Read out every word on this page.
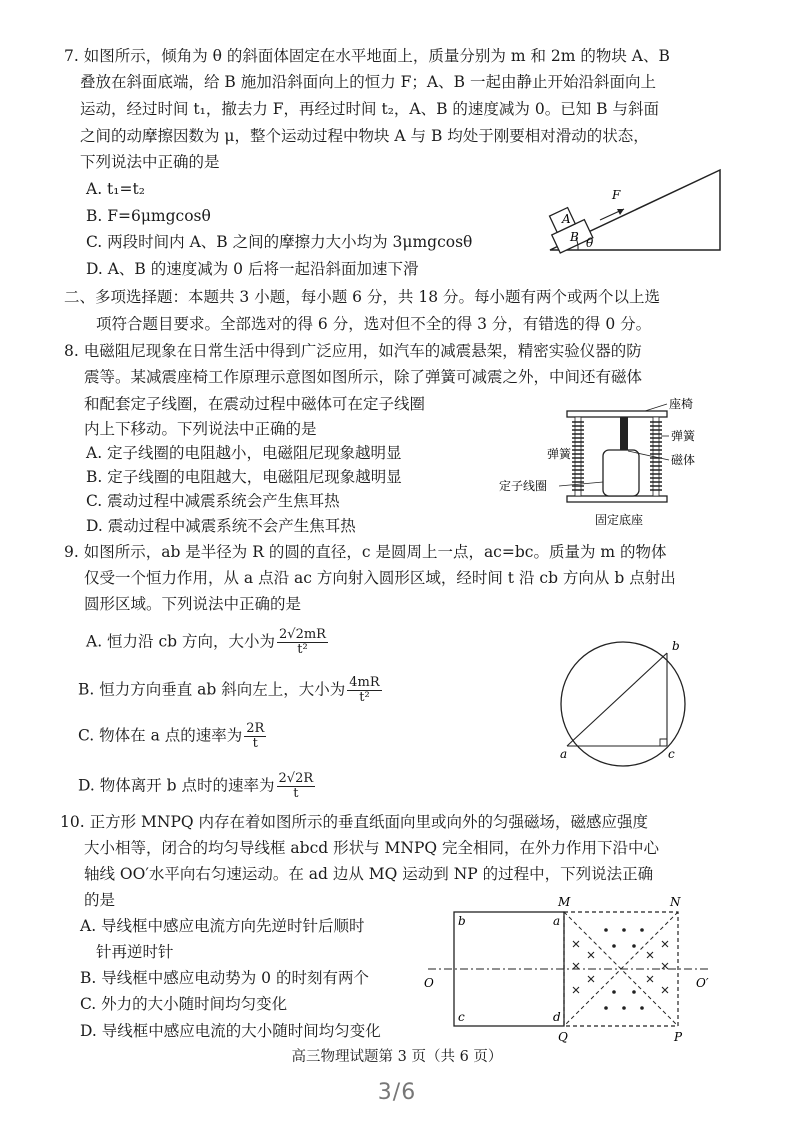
7. 如图所示，倾角为 θ 的斜面体固定在水平地面上，质量分别为 m 和 2m 的物块 A、B
叠放在斜面底端，给 B 施加沿斜面向上的恒力 F；A、B 一起由静止开始沿斜面向上
运动，经过时间 t₁，撤去力 F，再经过时间 t₂，A、B 的速度减为 0。已知 B 与斜面
之间的动摩擦因数为 μ，整个运动过程中物块 A 与 B 均处于刚要相对滑动的状态，
下列说法中正确的是
A. t₁=t₂
B. F=6μmgcosθ
C. 两段时间内 A、B 之间的摩擦力大小均为 3μmgcosθ
D. A、B 的速度减为 0 后将一起沿斜面加速下滑
A
B
F
θ
二、多项选择题：本题共 3 小题，每小题 6 分，共 18 分。每小题有两个或两个以上选
项符合题目要求。全部选对的得 6 分，选对但不全的得 3 分，有错选的得 0 分。
8. 电磁阻尼现象在日常生活中得到广泛应用，如汽车的减震悬架，精密实验仪器的防
震等。某减震座椅工作原理示意图如图所示，除了弹簧可减震之外，中间还有磁体
和配套定子线圈，在震动过程中磁体可在定子线圈
内上下移动。下列说法中正确的是
A. 定子线圈的电阻越小，电磁阻尼现象越明显
B. 定子线圈的电阻越大，电磁阻尼现象越明显
C. 震动过程中减震系统会产生焦耳热
D. 震动过程中减震系统不会产生焦耳热
座椅
固定底座
弹簧
磁体
弹簧
定子线圈
9. 如图所示，ab 是半径为 R 的圆的直径，c 是圆周上一点，ac=bc。质量为 m 的物体
仅受一个恒力作用，从 a 点沿 ac 方向射入圆形区域，经时间 t 沿 cb 方向从 b 点射出
圆形区域。下列说法中正确的是
A. 恒力沿 cb 方向，大小为 $\frac{2√2mR}{\text{t²}}$
B. 恒力方向垂直 ab 斜向左上，大小为 $\frac{4mR}{\text{t²}}$
C. 物体在 a 点的速率为 $\frac{2R}{t}$
D. 物体离开 b 点时的速率为 $\frac{2√2R}{t}$
a
b
c
10. 正方形 MNPQ 内存在着如图所示的垂直纸面向里或向外的匀强磁场，磁感应强度
大小相等，闭合的均匀导线框 abcd 形状与 MNPQ 完全相同，在外力作用下沿中心
轴线 OO′水平向右匀速运动。在 ad 边从 MQ 运动到 NP 的过程中，下列说法正确
的是
A. 导线框中感应电流方向先逆时针后顺时
针再逆时针
B. 导线框中感应电动势为 0 的时刻有两个
C. 外力的大小随时间均匀变化
D. 导线框中感应电流的大小随时间均匀变化
M	N
P
Q
b	a
c	d
O	O′
高三物理试题第 3 页（共 6 页）
3/6
